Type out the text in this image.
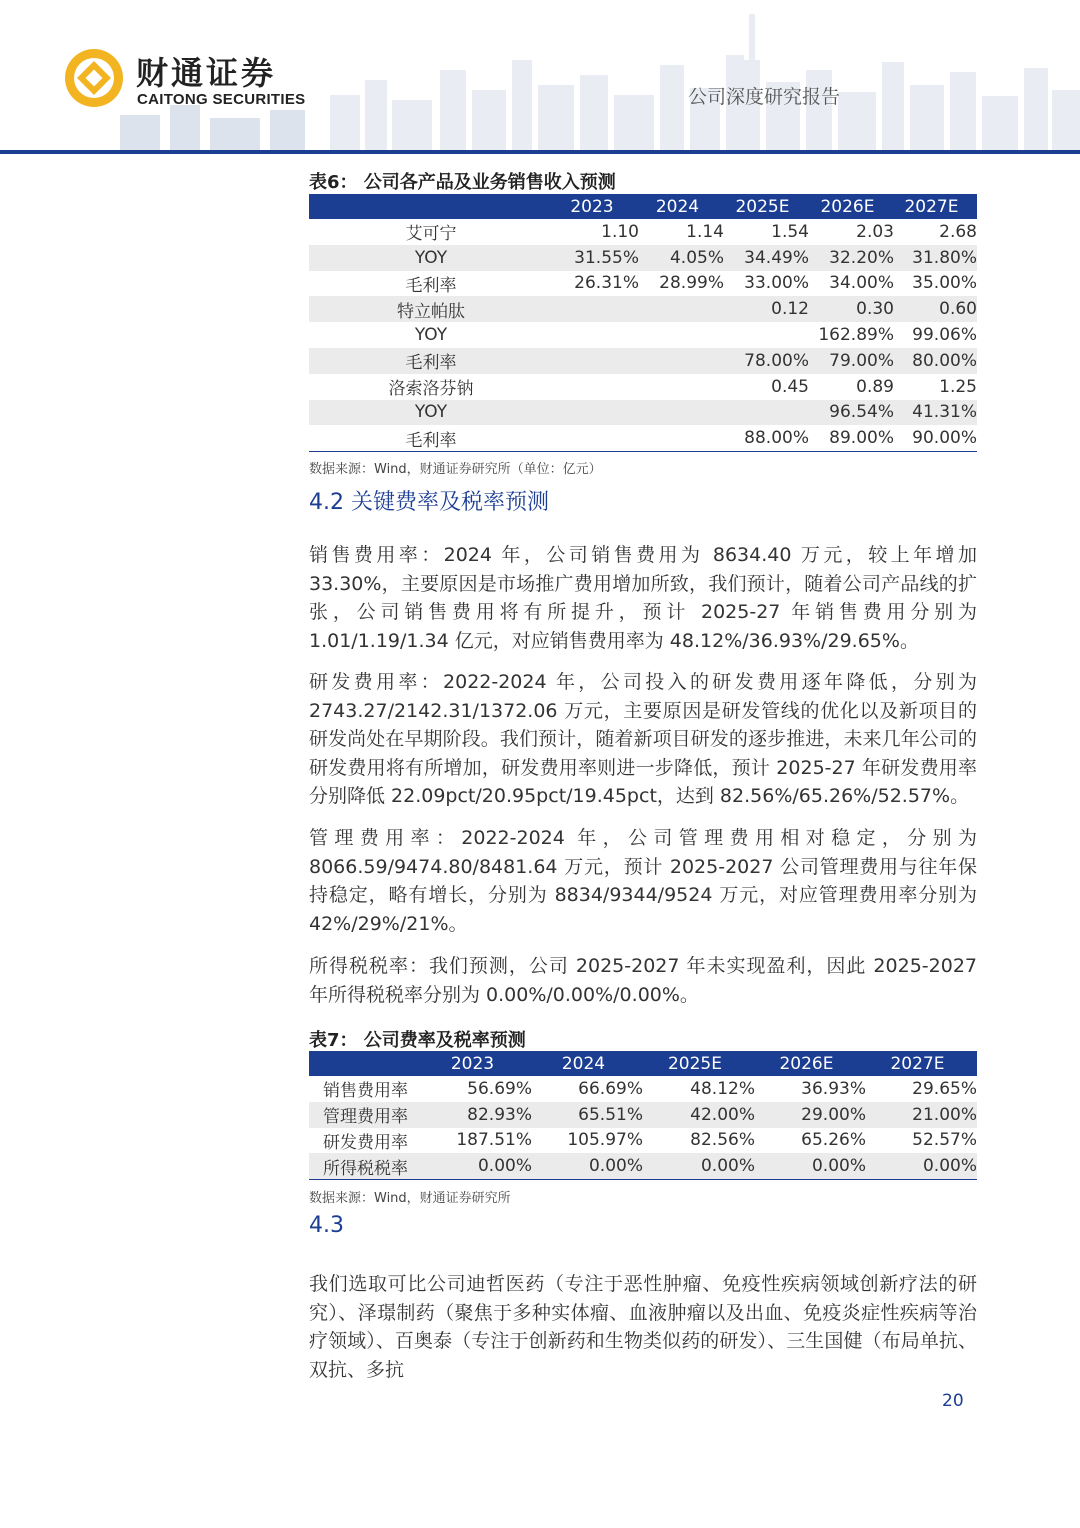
财通证券
CAITONG SECURITIES	公司深度研究报告
表6： 公司各产品及业务销售收入预测
	2023	2024	2025E	2026E	2027E
艾可宁	1.10	1.14	1.54	2.03	2.68
YOY	31.55%	4.05%	34.49%	32.20%	31.80%
毛利率	26.31%	28.99%	33.00%	34.00%	35.00%
特立帕肽			0.12	0.30	0.60
YOY				162.89%	99.06%
毛利率			78.00%	79.00%	80.00%
洛索洛芬钠			0.45	0.89	1.25
YOY				96.54%	41.31%
毛利率			88.00%	89.00%	90.00%
数据来源：Wind，财通证券研究所（单位：亿元）
4.2 关键费率及税率预测

销售费用率：2024 年，公司销售费用为 8634.40 万元，较上年增加 33.30%，主要原因是市场推广费用增加所致，我们预计，随着公司产品线的扩张，公司销售费用将有所提升，预计 2025-27 年销售费用分别为 1.01/1.19/1.34 亿元，对应销售费用率为 48.12%/36.93%/29.65%。

研发费用率：2022-2024 年，公司投入的研发费用逐年降低，分别为 2743.27/2142.31/1372.06 万元，主要原因是研发管线的优化以及新项目的研发尚处在早期阶段。我们预计，随着新项目研发的逐步推进，未来几年公司的研发费用将有所增加，研发费用率则进一步降低，预计 2025-27 年研发费用率分别降低 22.09pct/20.95pct/19.45pct，达到 82.56%/65.26%/52.57%。

管理费用率：2022-2024 年，公司管理费用相对稳定，分别为 8066.59/9474.80/8481.64 万元，预计 2025-2027 公司管理费用与往年保持稳定，略有增长，分别为 8834/9344/9524 万元，对应管理费用率分别为 42%/29%/21%。

所得税税率：我们预测，公司 2025-2027 年未实现盈利，因此 2025-2027 年所得税税率分别为 0.00%/0.00%/0.00%。

表7： 公司费率及税率预测
	2023	2024	2025E	2026E	2027E
销售费用率	56.69%	66.69%	48.12%	36.93%	29.65%
管理费用率	82.93%	65.51%	42.00%	29.00%	21.00%
研发费用率	187.51%	105.97%	82.56%	65.26%	52.57%
所得税税率	0.00%	0.00%	0.00%	0.00%	0.00%
数据来源：Wind，财通证券研究所
4.3

我们选取可比公司迪哲医药（专注于恶性肿瘤、免疫性疾病领域创新疗法的研究）、泽璟制药（聚焦于多种实体瘤、血液肿瘤以及出血、免疫炎症性疾病等治疗领域）、百奥泰（专注于创新药和生物类似药的研发）、三生国健（布局单抗、双抗、多抗

20
